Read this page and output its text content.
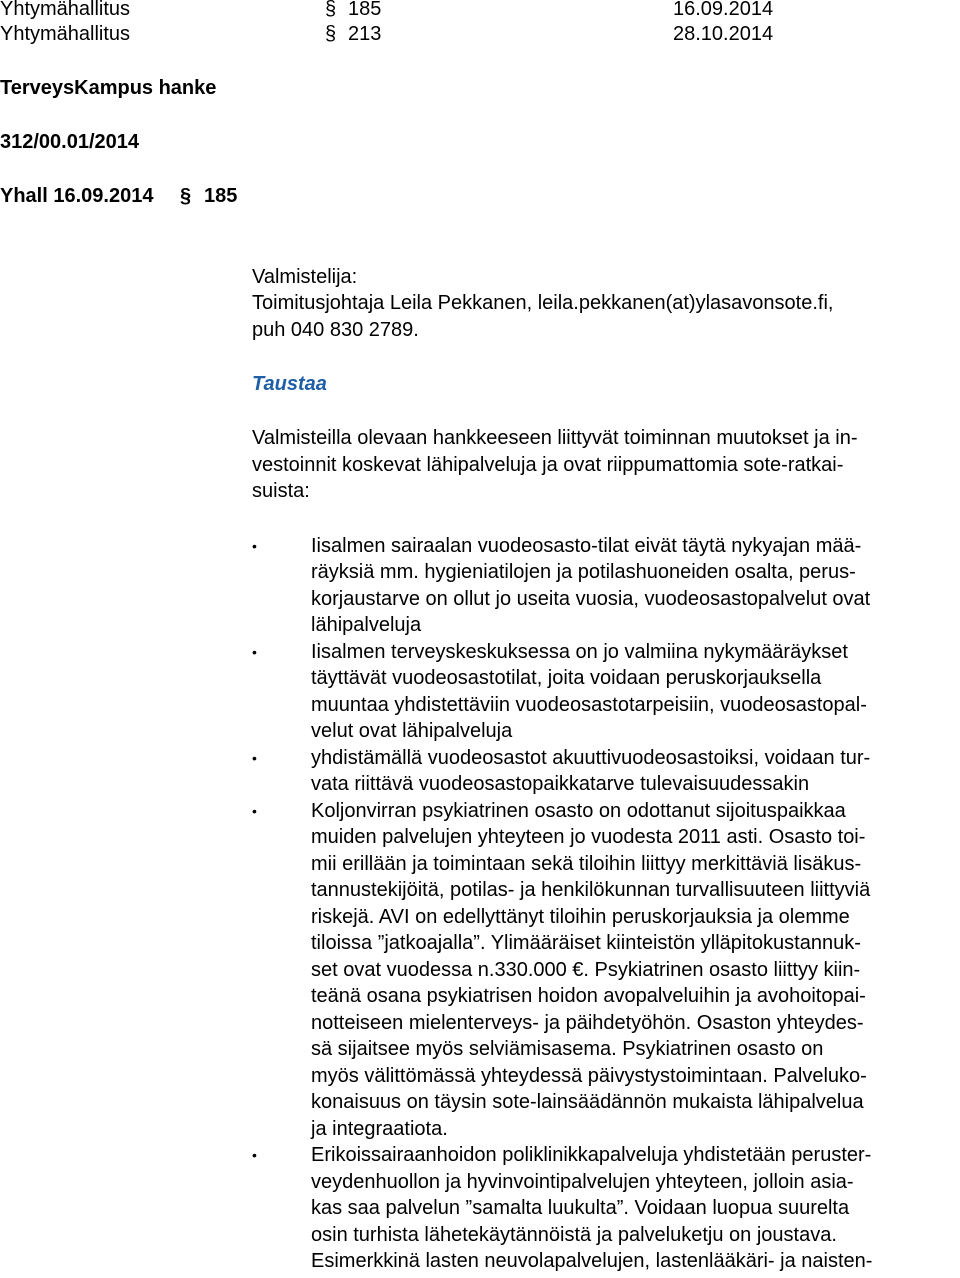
Yhtymähallitus	§ 185	16.09.2014
Yhtymähallitus	§ 213	28.10.2014
TerveysKampus hanke
312/00.01/2014
Yhall 16.09.2014 § 185
Valmistelija:
Toimitusjohtaja Leila Pekkanen, leila.pekkanen(at)ylasavonsote.fi,
puh 040 830 2789.
Taustaa
Valmisteilla olevaan hankkeeseen liittyvät toiminnan muutokset ja in-
vestoinnit koskevat lähipalveluja ja ovat riippumattomia sote-ratkai-
suista:
•	Iisalmen sairaalan vuodeosasto-tilat eivät täytä nykyajan mää-
räyksiä mm. hygieniatilojen ja potilashuoneiden osalta, perus-
korjaustarve on ollut jo useita vuosia, vuodeosastopalvelut ovat
lähipalveluja
•	Iisalmen terveyskeskuksessa on jo valmiina nykymääräykset
täyttävät vuodeosastotilat, joita voidaan peruskorjauksella
muuntaa yhdistettäviin vuodeosastotarpeisiin, vuodeosastopal-
velut ovat lähipalveluja
•	yhdistämällä vuodeosastot akuuttivuodeosastoiksi, voidaan tur-
vata riittävä vuodeosastopaikkatarve tulevaisuudessakin
•	Koljonvirran psykiatrinen osasto on odottanut sijoituspaikkaa
muiden palvelujen yhteyteen jo vuodesta 2011 asti. Osasto toi-
mii erillään ja toimintaan sekä tiloihin liittyy merkittäviä lisäkus-
tannustekijöitä, potilas- ja henkilökunnan turvallisuuteen liittyviä
riskejä. AVI on edellyttänyt tiloihin peruskorjauksia ja olemme
tiloissa ”jatkoajalla”. Ylimääräiset kiinteistön ylläpitokustannuk-
set ovat vuodessa n.330.000 €. Psykiatrinen osasto liittyy kiin-
teänä osana psykiatrisen hoidon avopalveluihin ja avohoitopai-
notteiseen mielenterveys- ja päihdetyöhön. Osaston yhteydes-
sä sijaitsee myös selviämisasema. Psykiatrinen osasto on
myös välittömässä yhteydessä päivystystoimintaan. Palveluko-
konaisuus on täysin sote-lainsäädännön mukaista lähipalvelua
ja integraatiota.
•	Erikoissairaanhoidon poliklinikkapalveluja yhdistetään peruster-
veydenhuollon ja hyvinvointipalvelujen yhteyteen, jolloin asia-
kas saa palvelun ”samalta luukulta”. Voidaan luopua suurelta
osin turhista lähetekäytännöistä ja palveluketju on joustava.
Esimerkkinä lasten neuvolapalvelujen, lastenlääkäri- ja naisten-
